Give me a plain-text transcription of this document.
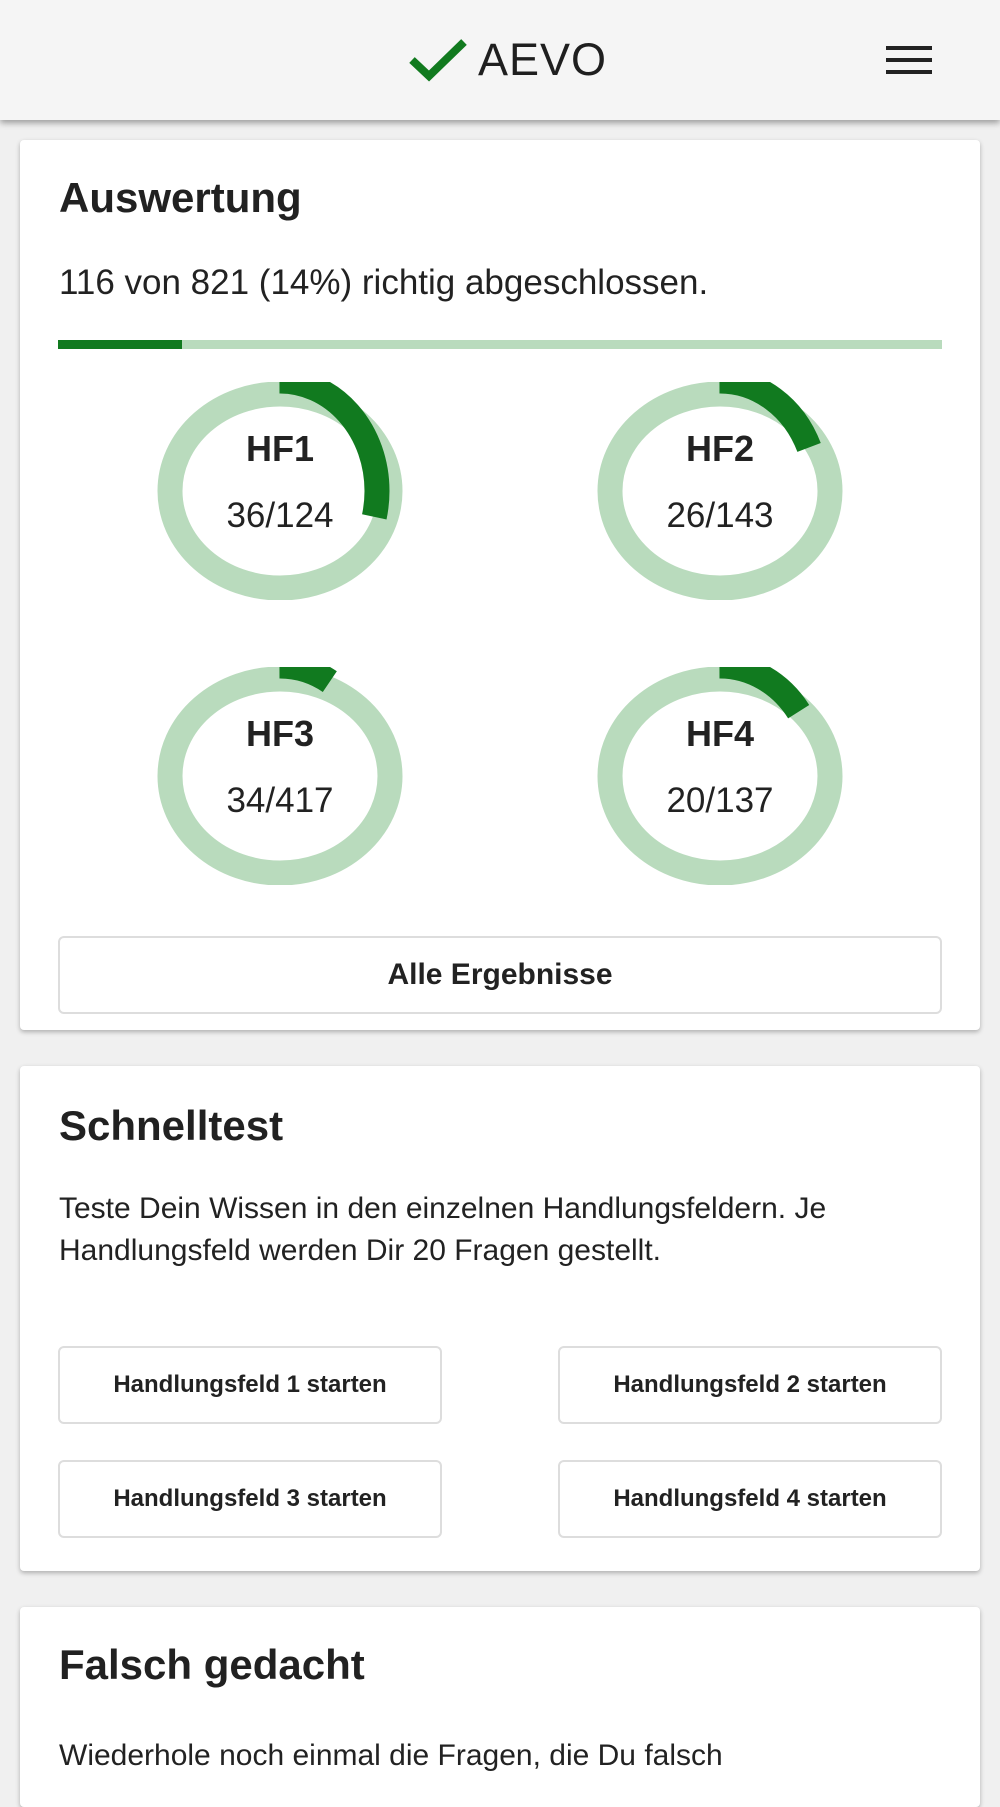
AEVO
Auswertung
116 von 821 (14%) richtig abgeschlossen.
HF1
36/124
HF2
26/143
HF3
34/417
HF4
20/137
Alle Ergebnisse
Schnelltest
Teste Dein Wissen in den einzelnen Handlungsfeldern. Je Handlungsfeld werden Dir 20 Fragen gestellt.
Handlungsfeld 1 starten	Handlungsfeld 2 starten
Handlungsfeld 3 starten	Handlungsfeld 4 starten
Falsch gedacht
Wiederhole noch einmal die Fragen, die Du falsch
